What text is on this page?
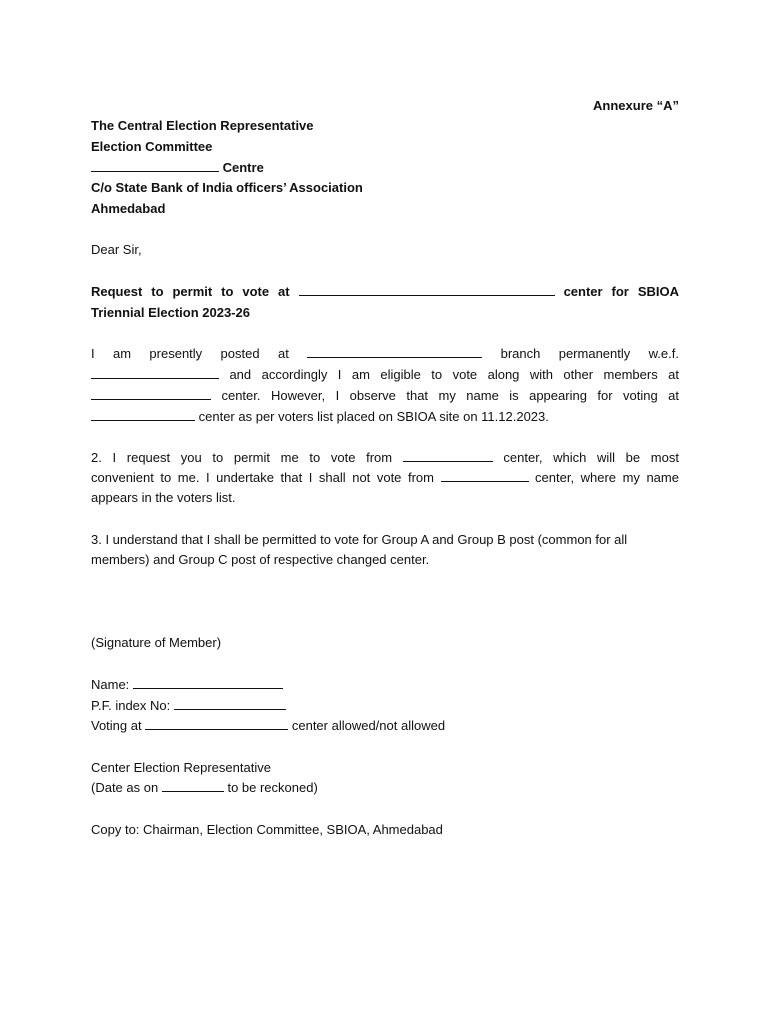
Annexure “A”
The Central Election Representative
Election Committee
Centre
C/o State Bank of India officers’ Association
Ahmedabad
Dear Sir,
Request to permit to vote at	center for SBIOA
Triennial Election 2023-26
I am presently posted at	branch permanently w.e.f.
and accordingly I am eligible to vote along with other members at
center. However, I observe that my name is appearing for voting at
center as per voters list placed on SBIOA site on 11.12.2023.
2. I request you to permit me to vote from	center, which will be most
convenient to me. I undertake that I shall not vote from	center, where my name
appears in the voters list.
3. I understand that I shall be permitted to vote for Group A and Group B post (common for all
members) and Group C post of respective changed center.
(Signature of Member)
Name:
P.F. index No:
Voting at	center allowed/not allowed
Center Election Representative
(Date as on	to be reckoned)
Copy to: Chairman, Election Committee, SBIOA, Ahmedabad
